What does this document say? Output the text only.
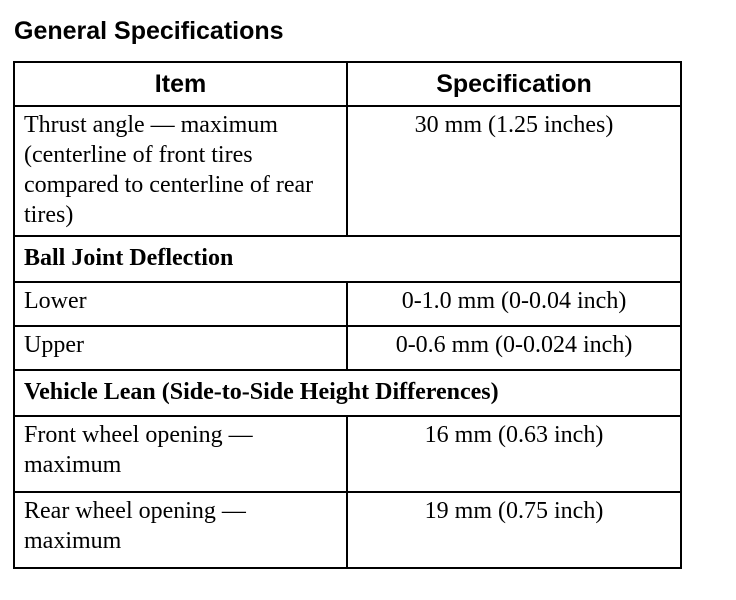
General Specifications
Item	Specification
Thrust angle — maximum (centerline of front tires compared to centerline of rear tires)	30 mm (1.25 inches)
Ball Joint Deflection	
Lower	0-1.0 mm (0-0.04 inch)
Upper	0-0.6 mm (0-0.024 inch)
Vehicle Lean (Side-to-Side Height Differences)	
Front wheel opening — maximum	16 mm (0.63 inch)
Rear wheel opening — maximum	19 mm (0.75 inch)
